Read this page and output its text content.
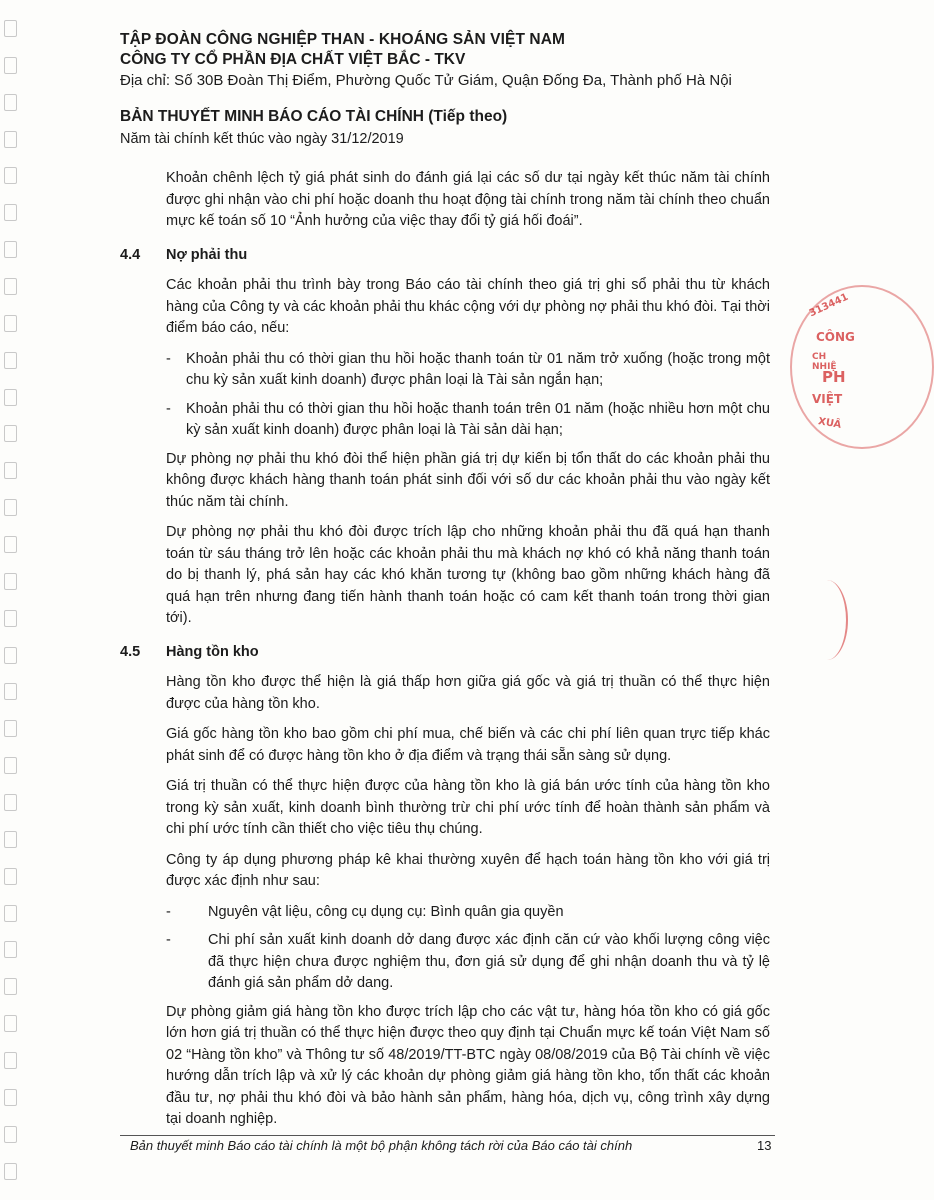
TẬP ĐOÀN CÔNG NGHIỆP THAN - KHOÁNG SẢN VIỆT NAM
CÔNG TY CỔ PHẦN ĐỊA CHẤT VIỆT BẮC - TKV
Địa chỉ: Số 30B Đoàn Thị Điểm, Phường Quốc Tử Giám, Quận Đống Đa, Thành phố Hà Nội
BẢN THUYẾT MINH BÁO CÁO TÀI CHÍNH (Tiếp theo)
Năm tài chính kết thúc vào ngày 31/12/2019

Khoản chênh lệch tỷ giá phát sinh do đánh giá lại các số dư tại ngày kết thúc năm tài chính được ghi nhận vào chi phí hoặc doanh thu hoạt động tài chính trong năm tài chính theo chuẩn mực kế toán số 10 “Ảnh hưởng của việc thay đổi tỷ giá hối đoái”.

4.4	Nợ phải thu

Các khoản phải thu trình bày trong Báo cáo tài chính theo giá trị ghi sổ phải thu từ khách hàng của Công ty và các khoản phải thu khác cộng với dự phòng nợ phải thu khó đòi. Tại thời điểm báo cáo, nếu:

-	Khoản phải thu có thời gian thu hồi hoặc thanh toán từ 01 năm trở xuống (hoặc trong một chu kỳ sản xuất kinh doanh) được phân loại là Tài sản ngắn hạn;
-	Khoản phải thu có thời gian thu hồi hoặc thanh toán trên 01 năm (hoặc nhiều hơn một chu kỳ sản xuất kinh doanh) được phân loại là Tài sản dài hạn;

Dự phòng nợ phải thu khó đòi thể hiện phần giá trị dự kiến bị tổn thất do các khoản phải thu không được khách hàng thanh toán phát sinh đối với số dư các khoản phải thu vào ngày kết thúc năm tài chính.

Dự phòng nợ phải thu khó đòi được trích lập cho những khoản phải thu đã quá hạn thanh toán từ sáu tháng trở lên hoặc các khoản phải thu mà khách nợ khó có khả năng thanh toán do bị thanh lý, phá sản hay các khó khăn tương tự (không bao gồm những khách hàng đã quá hạn trên nhưng đang tiến hành thanh toán hoặc có cam kết thanh toán trong thời gian tới).

4.5	Hàng tồn kho

Hàng tồn kho được thể hiện là giá thấp hơn giữa giá gốc và giá trị thuần có thể thực hiện được của hàng tồn kho.

Giá gốc hàng tồn kho bao gồm chi phí mua, chế biến và các chi phí liên quan trực tiếp khác phát sinh để có được hàng tồn kho ở địa điểm và trạng thái sẵn sàng sử dụng.

Giá trị thuần có thể thực hiện được của hàng tồn kho là giá bán ước tính của hàng tồn kho trong kỳ sản xuất, kinh doanh bình thường trừ chi phí ước tính để hoàn thành sản phẩm và chi phí ước tính cần thiết cho việc tiêu thụ chúng.

Công ty áp dụng phương pháp kê khai thường xuyên để hạch toán hàng tồn kho với giá trị được xác định như sau:

-	Nguyên vật liệu, công cụ dụng cụ: Bình quân gia quyền
-	Chi phí sản xuất kinh doanh dở dang được xác định căn cứ vào khối lượng công việc đã thực hiện chưa được nghiệm thu, đơn giá sử dụng để ghi nhận doanh thu và tỷ lệ đánh giá sản phẩm dở dang.

Dự phòng giảm giá hàng tồn kho được trích lập cho các vật tư, hàng hóa tồn kho có giá gốc lớn hơn giá trị thuần có thể thực hiện được theo quy định tại Chuẩn mực kế toán Việt Nam số 02 “Hàng tồn kho” và Thông tư số 48/2019/TT-BTC ngày 08/08/2019 của Bộ Tài chính về việc hướng dẫn trích lập và xử lý các khoản dự phòng giảm giá hàng tồn kho, tổn thất các khoản đầu tư, nợ phải thu khó đòi và bảo hành sản phẩm, hàng hóa, dịch vụ, công trình xây dựng tại doanh nghiệp.

Bản thuyết minh Báo cáo tài chính là một bộ phận không tách rời của Báo cáo tài chính	13
313441
CÔNG
CH NHIỆ
PH
VIỆT
XUÂ
